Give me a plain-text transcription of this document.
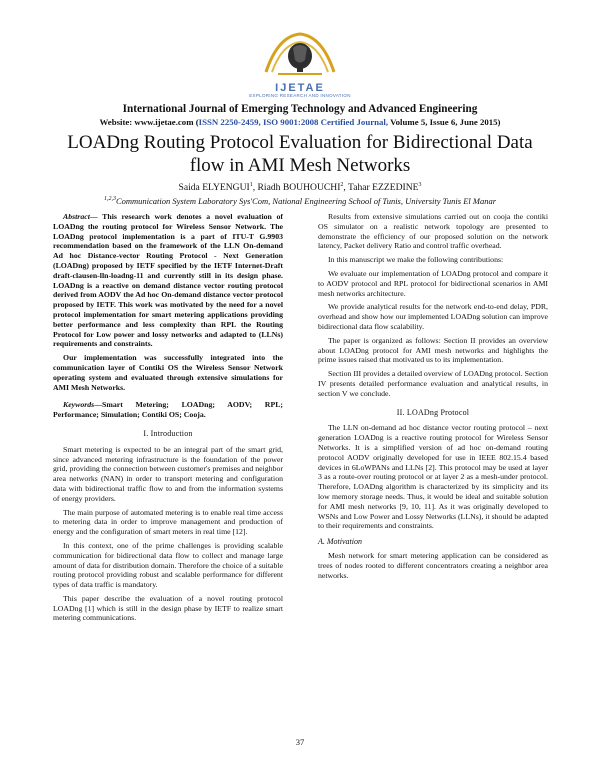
IJETAE
EXPLORING RESEARCH AND INNOVATION
International Journal of Emerging Technology and Advanced Engineering
Website: www.ijetae.com (ISSN 2250-2459, ISO 9001:2008 Certified Journal, Volume 5, Issue 6, June 2015)
LOADng Routing Protocol Evaluation for Bidirectional Data flow in AMI Mesh Networks
Saida ELYENGUI$^1$, Riadh BOUHOUCHI$^2$, Tahar EZZEDINE$^3$
$^{1,2,3}$Communication System Laboratory Sys'Com, National Engineering School of Tunis, University Tunis El Manar

Abstract— This research work denotes a novel evaluation of LOADng the routing protocol for Wireless Sensor Network. The LOADng protocol implementation is a part of ITU-T G.9903 recommendation based on the framework of the LLN On-demand Ad hoc Distance-vector Routing Protocol - Next Generation (LOADng) proposed by IETF specified by the IETF Internet-Draft draft-clausen-lln-loadng-11 and currently still in its design phase. LOADng is a reactive on demand distance vector routing protocol derived from AODV the Ad hoc On-demand distance vector protocol proposed by IETF. This work was motivated by the need for a novel protocol implementation for smart metering applications providing better performance and less complexity than RPL the Routing Protocol for Low power and lossy networks and adapted to (LLNs) requirements and constraints.

Our implementation was successfully integrated into the communication layer of Contiki OS the Wireless Sensor Network operating system and evaluated through extensive simulations for AMI Mesh Networks.

Keywords—Smart Metering; LOADng; AODV; RPL; Performance; Simulation; Contiki OS; Cooja.

I. Introduction

Smart metering is expected to be an integral part of the smart grid, since advanced metering infrastructure is the foundation of the power grid, providing the connection between customer's premises and neighbor area networks (NAN) in order to transport metering and configuration data with bidirectional traffic flow to and from the information systems of energy providers.

The main purpose of automated metering is to enable real time access to metering data in order to improve management and production of energy and the configuration of smart meters in real time [12].

In this context, one of the prime challenges is providing scalable communication for bidirectional data flow to collect and manage large amount of data for distribution domain. Therefore the choice of a suitable routing protocol providing robust and scalable performance for different types of data traffic is mandatory.

This paper describe the evaluation of a novel routing protocol LOADng [1] which is still in the design phase by IETF to realize smart metering communications.

Results from extensive simulations carried out on cooja the contiki OS simulator on a realistic network topology are presented to demonstrate the efficiency of our proposed solution on the network latency, Packet delivery Ratio and control traffic overhead.

In this manuscript we make the following contributions:

We evaluate our implementation of LOADng protocol and compare it to AODV protocol and RPL protocol for bidirectional scenarios in AMI mesh networks architecture.

We provide analytical results for the network end-to-end delay, PDR, overhead and show how our implemented LOADng solution can improve bidirectional data flow scalability.

The paper is organized as follows: Section II provides an overview about LOADng protocol for AMI mesh networks and highlights the prime issues raised that motivated us to its implementation.

Section III provides a detailed overview of LOADng protocol. Section IV presents detailed performance evaluation and analytical results, in section V we conclude.

II. LOADng Protocol

The LLN on-demand ad hoc distance vector routing protocol – next generation LOADng is a reactive routing protocol for Wireless Sensor Networks. It is a simplified version of ad hoc on-demand routing protocol AODV originally developed for use in IEEE 802.15.4 based devices in 6LoWPANs and LLNs [2]. This protocol may be used at layer 3 as a route-over routing protocol or at layer 2 as a mesh-under protocol. Therefore, LOADng algorithm is characterized by its simplicity and its low memory storage needs. Thus, it would be ideal and suitable solution for AMI mesh networks [9, 10, 11]. As it was originally developed to WSNs and Low Power and Lossy Networks (LLNs), it should be adapted to their requirements and constraints.

A. Motivation

Mesh network for smart metering application can be considered as trees of nodes rooted to different concentrators creating a neighbor area networks.

37
